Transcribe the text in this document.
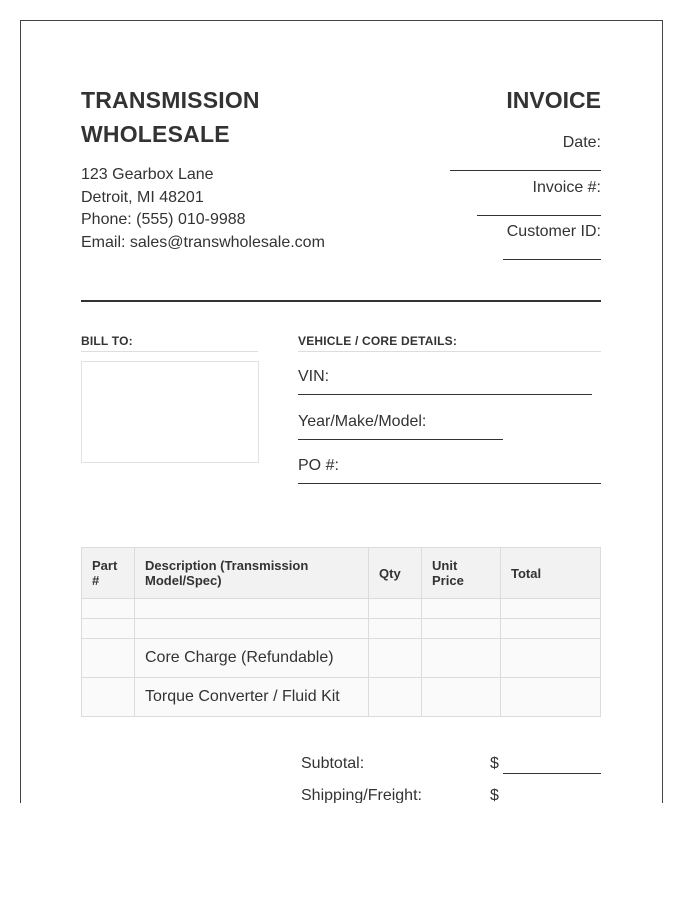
TRANSMISSION WHOLESALE
123 Gearbox Lane
Detroit, MI 48201
Phone: (555) 010-9988
Email: sales@transwholesale.com
INVOICE
Date:
Invoice #:
Customer ID:
BILL TO:	VEHICLE / CORE DETAILS:
VIN:
Year/Make/Model:
PO #:
Part #	Description (Transmission Model/Spec)	Qty	Unit Price	Total

	Core Charge (Refundable)			
	Torque Converter / Fluid Kit			
Subtotal:	$
Shipping/Freight:	$
